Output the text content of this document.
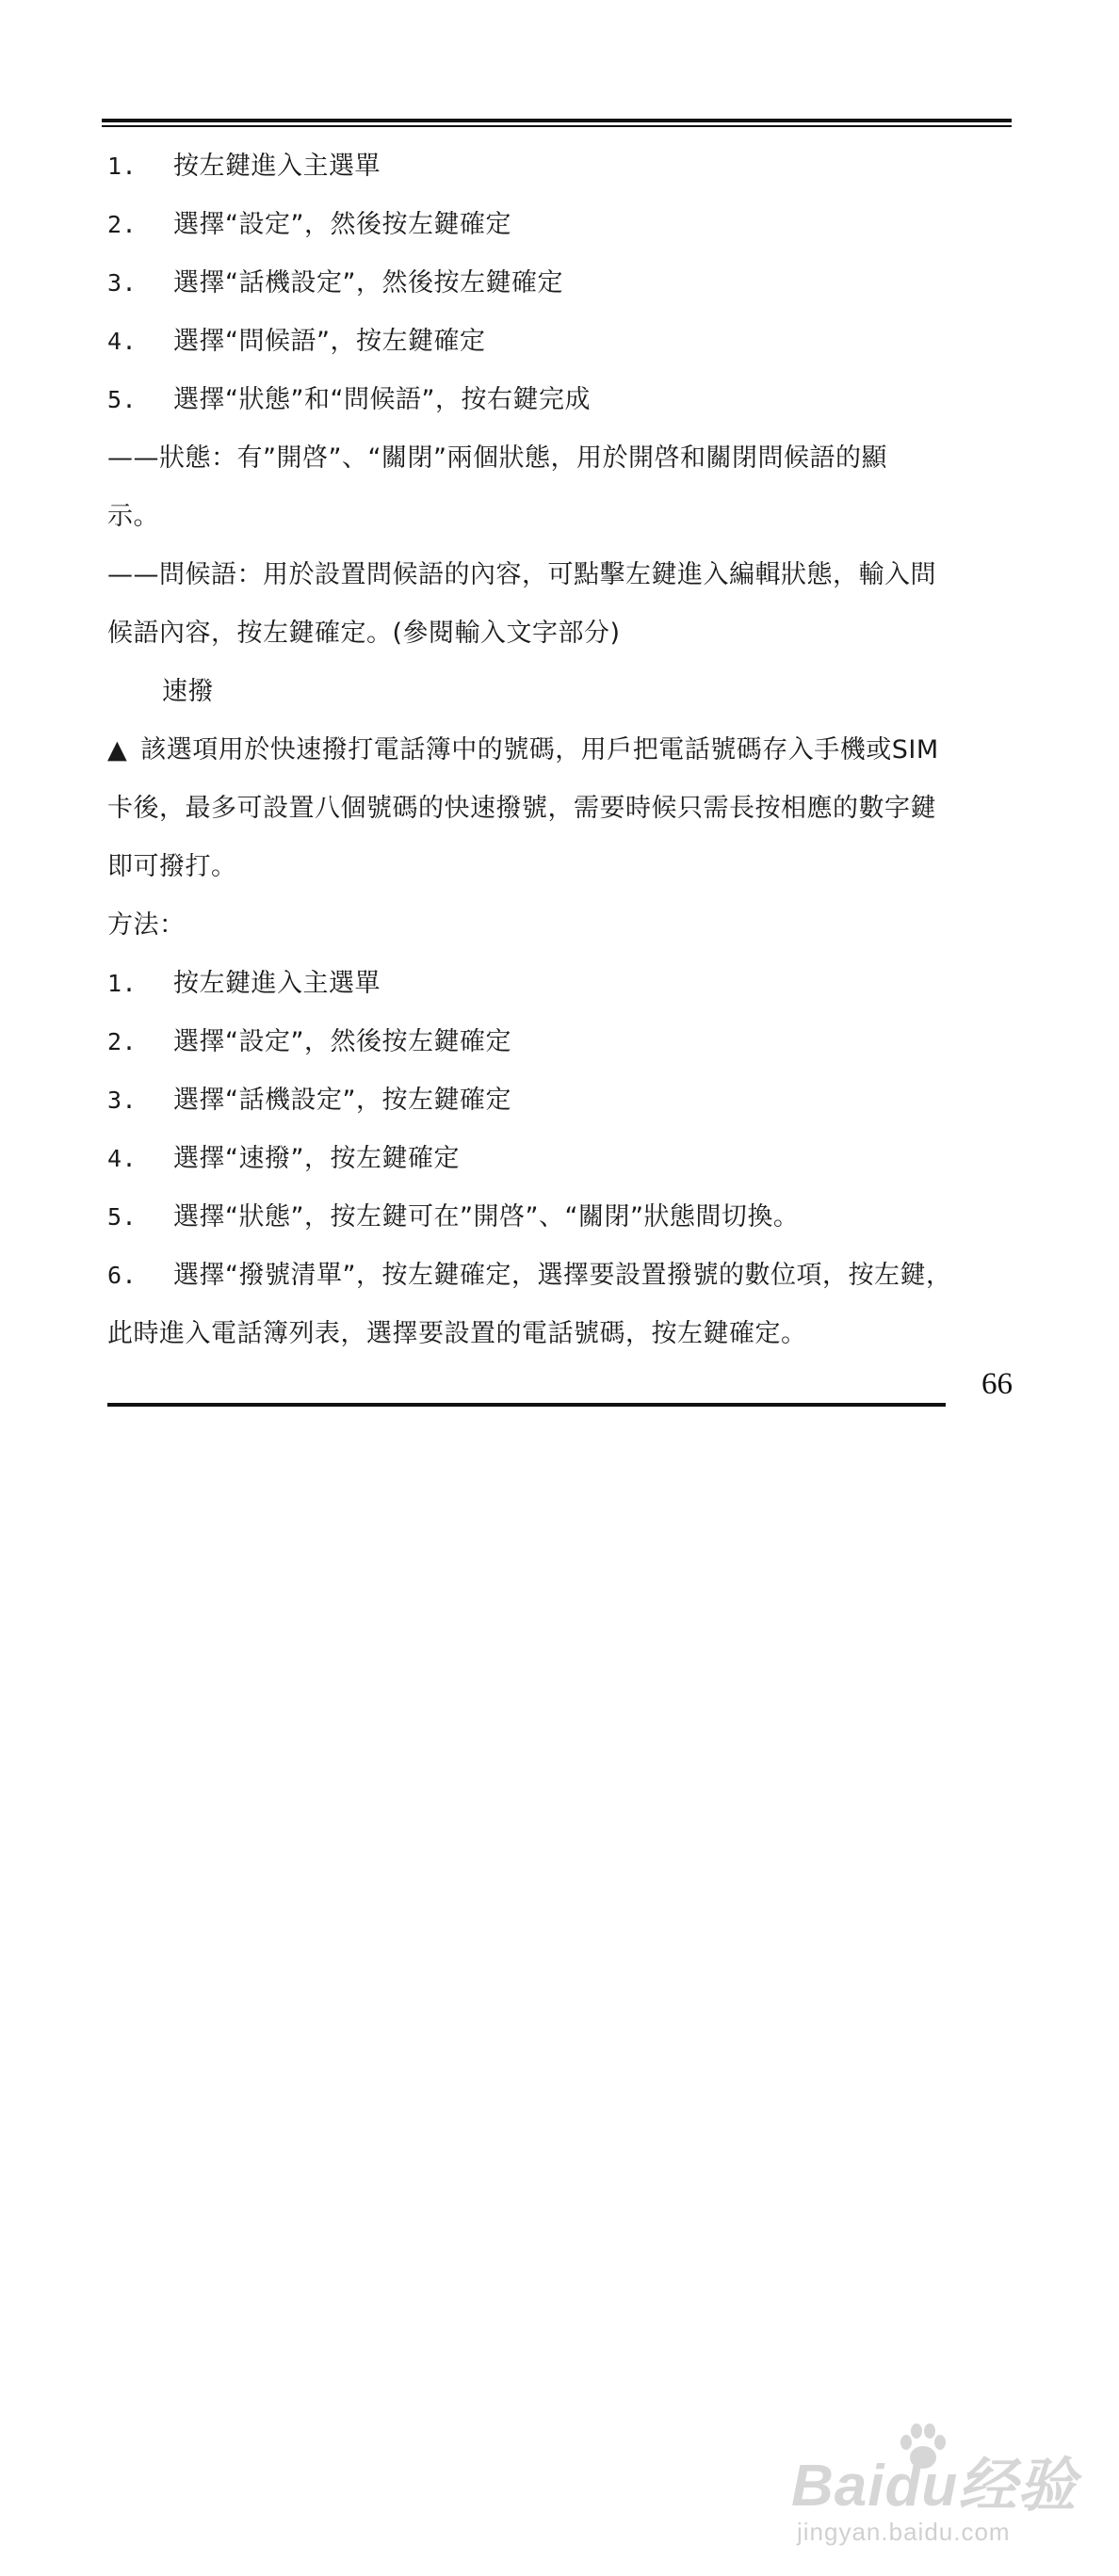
1. 按左鍵進入主選單
2. 選擇“設定”，然後按左鍵確定
3. 選擇“話機設定”，然後按左鍵確定
4. 選擇“問候語”，按左鍵確定
5. 選擇“狀態”和“問候語”，按右鍵完成
——狀態：有”開啓”、“關閉”兩個狀態，用於開啓和關閉問候語的顯
示。
——問候語：用於設置問候語的內容，可點擊左鍵進入編輯狀態，輸入問
候語內容，按左鍵確定。(參閱輸入文字部分)
速撥
▲ 該選項用於快速撥打電話簿中的號碼，用戶把電話號碼存入手機或SIM
卡後，最多可設置八個號碼的快速撥號，需要時候只需長按相應的數字鍵
即可撥打。
方法：
1. 按左鍵進入主選單
2. 選擇“設定”，然後按左鍵確定
3. 選擇“話機設定”，按左鍵確定
4. 選擇“速撥”，按左鍵確定
5. 選擇“狀態”，按左鍵可在”開啓”、“關閉”狀態間切換。
6. 選擇“撥號清單”，按左鍵確定，選擇要設置撥號的數位項，按左鍵，
此時進入電話簿列表，選擇要設置的電話號碼，按左鍵確定。
66
Baidu经验
jingyan.baidu.com
